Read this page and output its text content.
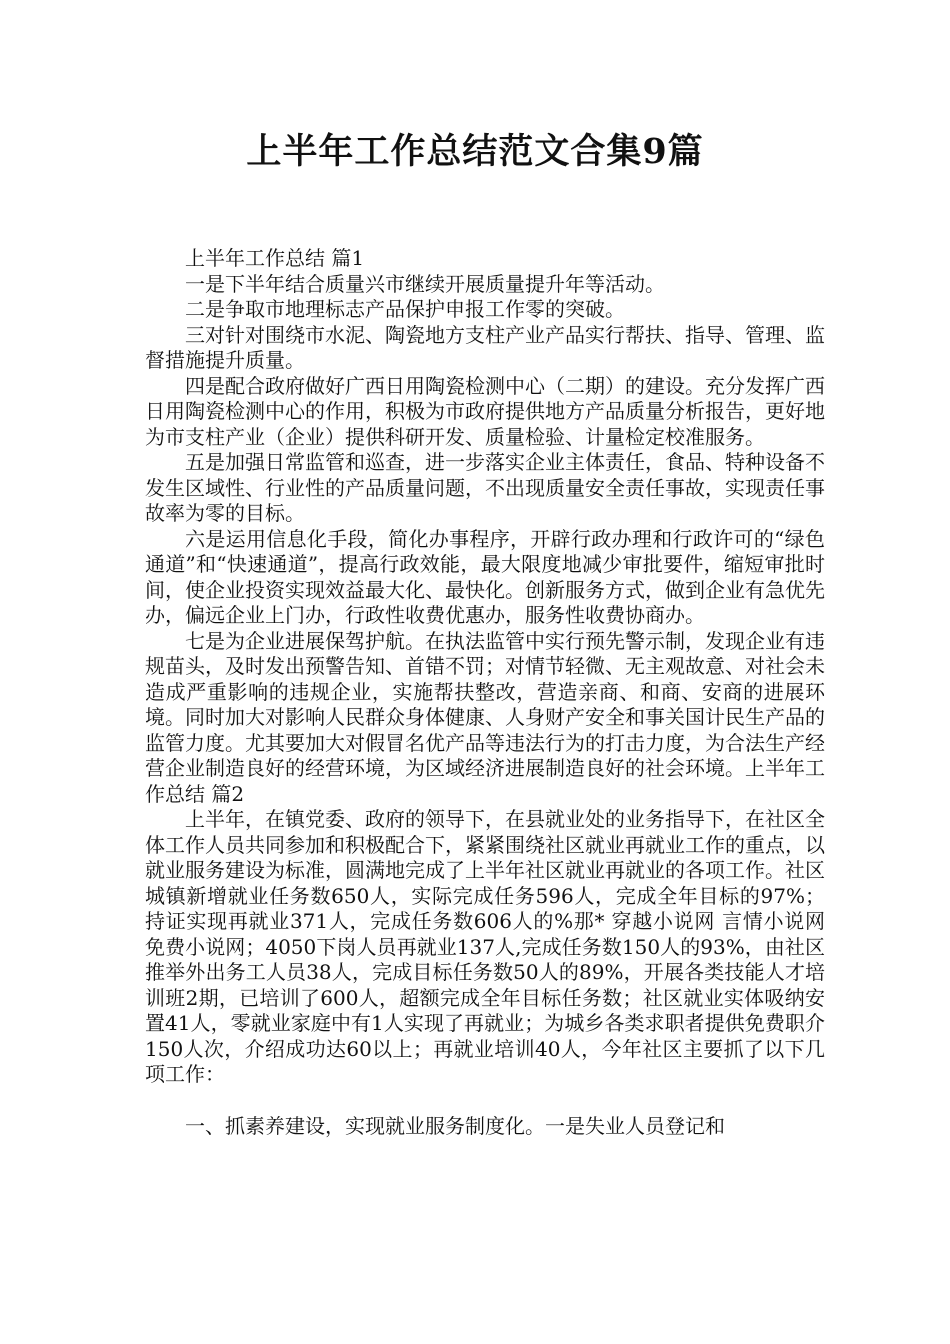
上半年工作总结范文合集9篇

上半年工作总结 篇1

一是下半年结合质量兴市继续开展质量提升年等活动。

二是争取市地理标志产品保护申报工作零的突破。

三对针对围绕市水泥、陶瓷地方支柱产业产品实行帮扶、指导、管理、监督措施提升质量。

四是配合政府做好广西日用陶瓷检测中心（二期）的建设。充分发挥广西日用陶瓷检测中心的作用，积极为市政府提供地方产品质量分析报告，更好地为市支柱产业（企业）提供科研开发、质量检验、计量检定校准服务。

五是加强日常监管和巡查，进一步落实企业主体责任，食品、特种设备不发生区域性、行业性的产品质量问题，不出现质量安全责任事故，实现责任事故率为零的目标。

六是运用信息化手段，简化办事程序，开辟行政办理和行政许可的“绿色通道”和“快速通道”，提高行政效能，最大限度地减少审批要件，缩短审批时间，使企业投资实现效益最大化、最快化。创新服务方式，做到企业有急优先办，偏远企业上门办，行政性收费优惠办，服务性收费协商办。

七是为企业进展保驾护航。在执法监管中实行预先警示制，发现企业有违规苗头，及时发出预警告知、首错不罚；对情节轻微、无主观故意、对社会未造成严重影响的违规企业，实施帮扶整改，营造亲商、和商、安商的进展环境。同时加大对影响人民群众身体健康、人身财产安全和事关国计民生产品的监管力度。尤其要加大对假冒名优产品等违法行为的打击力度，为合法生产经营企业制造良好的经营环境，为区域经济进展制造良好的社会环境。上半年工作总结 篇2

上半年，在镇党委、政府的领导下，在县就业处的业务指导下，在社区全体工作人员共同参加和积极配合下，紧紧围绕社区就业再就业工作的重点，以就业服务建设为标准，圆满地完成了上半年社区就业再就业的各项工作。社区城镇新增就业任务数650人，实际完成任务596人，完成全年目标的97%；持证实现再就业371人，完成任务数606人的%那* 穿越小说网 言情小说网 免费小说网；4050下岗人员再就业137人,完成任务数150人的93%，由社区推举外出务工人员38人，完成目标任务数50人的89%，开展各类技能人才培训班2期，已培训了600人，超额完成全年目标任务数；社区就业实体吸纳安置41人，零就业家庭中有1人实现了再就业；为城乡各类求职者提供免费职介150人次，介绍成功达60以上；再就业培训40人，今年社区主要抓了以下几项工作：

一、抓素养建设，实现就业服务制度化。一是失业人员登记和
